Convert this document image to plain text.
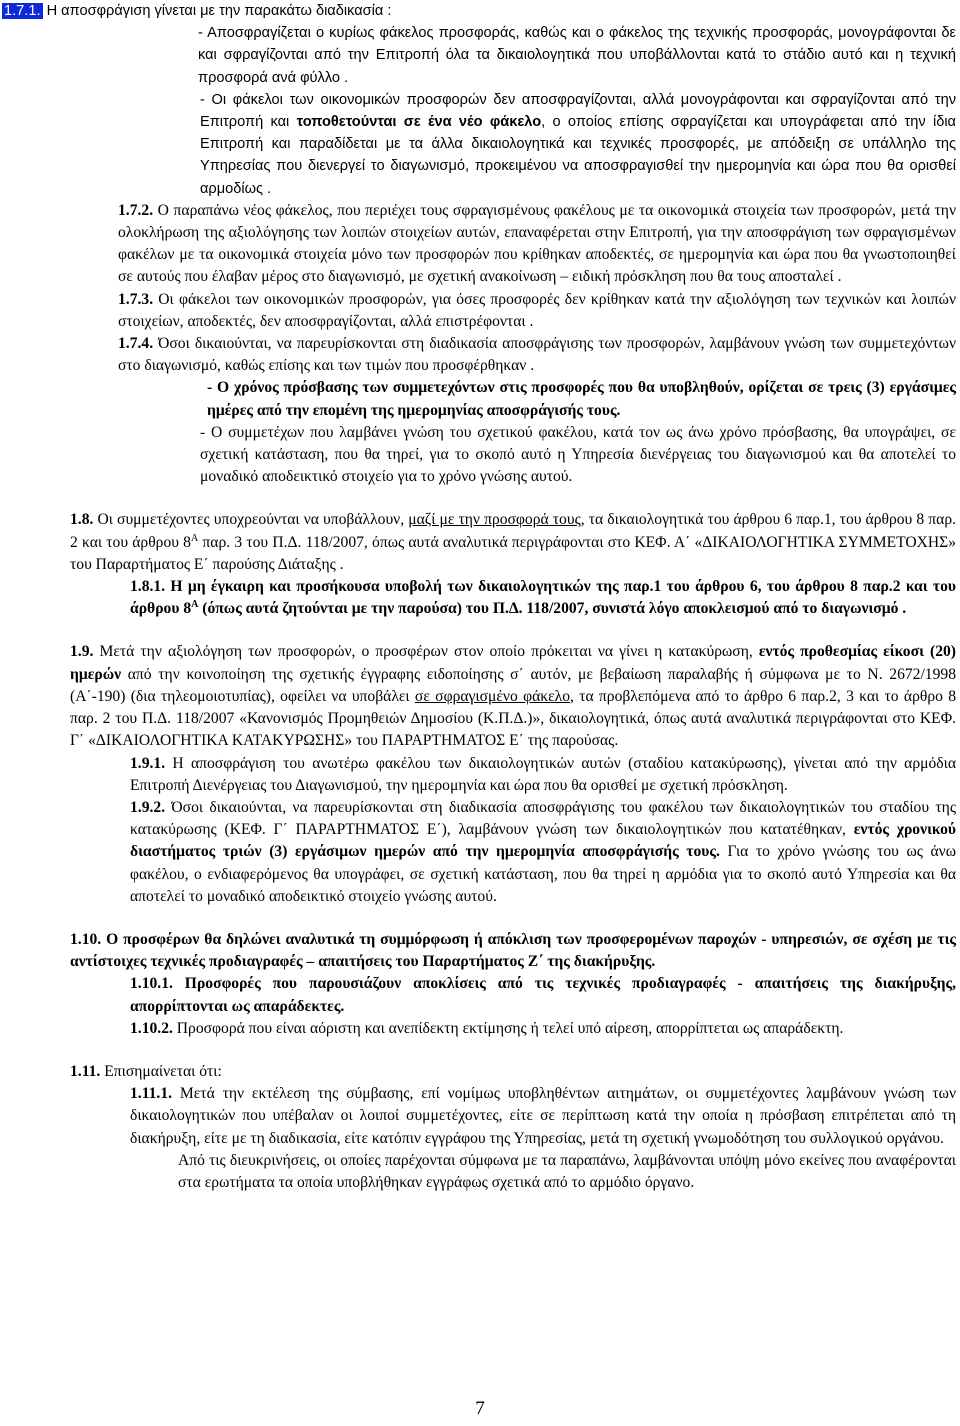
1.7.1. Η αποσφράγιση γίνεται με την παρακάτω διαδικασία :
- Αποσφραγίζεται ο κυρίως φάκελος προσφοράς, καθώς και ο φάκελος της τεχνικής προσφοράς, μονογράφονται δε και σφραγίζονται από την Επιτροπή όλα τα δικαιολογητικά που υποβάλλονται κατά το στάδιο αυτό και η τεχνική προσφορά ανά φύλλο .
- Οι φάκελοι των οικονομικών προσφορών δεν αποσφραγίζονται, αλλά μονογράφονται και σφραγίζονται από την Επιτροπή και τοποθετούνται σε ένα νέο φάκελο, ο οποίος επίσης σφραγίζεται και υπογράφεται από την ίδια Επιτροπή και παραδίδεται με τα άλλα δικαιολογητικά και τεχνικές προσφορές, με απόδειξη σε υπάλληλο της Υπηρεσίας που διενεργεί το διαγωνισμό, προκειμένου να αποσφραγισθεί την ημερομηνία και ώρα που θα ορισθεί αρμοδίως .
1.7.2. Ο παραπάνω νέος φάκελος, που περιέχει τους σφραγισμένους φακέλους με τα οικονομικά στοιχεία των προσφορών, μετά την ολοκλήρωση της αξιολόγησης των λοιπών στοιχείων αυτών, επαναφέρεται στην Επιτροπή, για την αποσφράγιση των σφραγισμένων φακέλων με τα οικονομικά στοιχεία μόνο των προσφορών που κρίθηκαν αποδεκτές, σε ημερομηνία και ώρα που θα γνωστοποιηθεί σε αυτούς που έλαβαν μέρος στο διαγωνισμό, με σχετική ανακοίνωση – ειδική πρόσκληση που θα τους αποσταλεί .
1.7.3. Οι φάκελοι των οικονομικών προσφορών, για όσες προσφορές δεν κρίθηκαν κατά την αξιολόγηση των τεχνικών και λοιπών στοιχείων, αποδεκτές, δεν αποσφραγίζονται, αλλά επιστρέφονται .
1.7.4. Όσοι δικαιούνται, να παρευρίσκονται στη διαδικασία αποσφράγισης των προσφορών, λαμβάνουν γνώση των συμμετεχόντων στο διαγωνισμό, καθώς επίσης και των τιμών που προσφέρθηκαν .
- Ο χρόνος πρόσβασης των συμμετεχόντων στις προσφορές που θα υποβληθούν, ορίζεται σε τρεις (3) εργάσιμες ημέρες από την επομένη της ημερομηνίας αποσφράγισής τους.
- Ο συμμετέχων που λαμβάνει γνώση του σχετικού φακέλου, κατά τον ως άνω χρόνο πρόσβασης, θα υπογράψει, σε σχετική κατάσταση, που θα τηρεί, για το σκοπό αυτό η Υπηρεσία διενέργειας του διαγωνισμού και θα αποτελεί το μοναδικό αποδεικτικό στοιχείο για το χρόνο γνώσης αυτού.
1.8. Οι συμμετέχοντες υποχρεούνται να υποβάλλουν, μαζί με την προσφορά τους, τα δικαιολογητικά του άρθρου 6 παρ.1, του άρθρου 8 παρ. 2 και του άρθρου $8^A$ παρ. 3 του Π.Δ. 118/2007, όπως αυτά αναλυτικά περιγράφονται στο ΚΕΦ. Α΄ «ΔΙΚΑΙΟΛΟΓΗΤΙΚΑ ΣΥΜΜΕΤΟΧΗΣ» του Παραρτήματος Ε΄ παρούσης Διάταξης .
1.8.1. Η μη έγκαιρη και προσήκουσα υποβολή των δικαιολογητικών της παρ.1 του άρθρου 6, του άρθρου 8 παρ.2 και του άρθρου $8^A$ (όπως αυτά ζητούνται με την παρούσα) του Π.Δ. 118/2007, συνιστά λόγο αποκλεισμού από το διαγωνισμό .
1.9. Μετά την αξιολόγηση των προσφορών, ο προσφέρων στον οποίο πρόκειται να γίνει η κατακύρωση, εντός προθεσμίας είκοσι (20) ημερών από την κοινοποίηση της σχετικής έγγραφης ειδοποίησης σ΄ αυτόν, με βεβαίωση παραλαβής ή σύμφωνα με το Ν. 2672/1998 (Α΄-190) (δια τηλεομοιοτυπίας), οφείλει να υποβάλει σε σφραγισμένο φάκελο, τα προβλεπόμενα από το άρθρο 6 παρ.2, 3 και το άρθρο 8 παρ. 2 του Π.Δ. 118/2007 «Κανονισμός Προμηθειών Δημοσίου (Κ.Π.Δ.)», δικαιολογητικά, όπως αυτά αναλυτικά περιγράφονται στο ΚΕΦ. Γ΄ «ΔΙΚΑΙΟΛΟΓΗΤΙΚΑ ΚΑΤΑΚΥΡΩΣΗΣ» του ΠΑΡΑΡΤΗΜΑΤΟΣ Ε΄ της παρούσας.
1.9.1. Η αποσφράγιση του ανωτέρω φακέλου των δικαιολογητικών αυτών (σταδίου κατακύρωσης), γίνεται από την αρμόδια Επιτροπή Διενέργειας του Διαγωνισμού, την ημερομηνία και ώρα που θα ορισθεί με σχετική πρόσκληση.
1.9.2. Όσοι δικαιούνται, να παρευρίσκονται στη διαδικασία αποσφράγισης του φακέλου των δικαιολογητικών του σταδίου της κατακύρωσης (ΚΕΦ. Γ΄ ΠΑΡΑΡΤΗΜΑΤΟΣ Ε΄), λαμβάνουν γνώση των δικαιολογητικών που κατατέθηκαν, εντός χρονικού διαστήματος τριών (3) εργάσιμων ημερών από την ημερομηνία αποσφράγισής τους. Για το χρόνο γνώσης του ως άνω φακέλου, ο ενδιαφερόμενος θα υπογράφει, σε σχετική κατάσταση, που θα τηρεί η αρμόδια για το σκοπό αυτό Υπηρεσία και θα αποτελεί το μοναδικό αποδεικτικό στοιχείο γνώσης αυτού.
1.10. Ο προσφέρων θα δηλώνει αναλυτικά τη συμμόρφωση ή απόκλιση των προσφερομένων παροχών - υπηρεσιών, σε σχέση με τις αντίστοιχες τεχνικές προδιαγραφές – απαιτήσεις του Παραρτήματος Ζ΄ της διακήρυξης.
1.10.1. Προσφορές που παρουσιάζουν αποκλίσεις από τις τεχνικές προδιαγραφές - απαιτήσεις της διακήρυξης, απορρίπτονται ως απαράδεκτες.
1.10.2. Προσφορά που είναι αόριστη και ανεπίδεκτη εκτίμησης ή τελεί υπό αίρεση, απορρίπτεται ως απαράδεκτη.
1.11. Επισημαίνεται ότι:
1.11.1. Μετά την εκτέλεση της σύμβασης, επί νομίμως υποβληθέντων αιτημάτων, οι συμμετέχοντες λαμβάνουν γνώση των δικαιολογητικών που υπέβαλαν οι λοιποί συμμετέχοντες, είτε σε περίπτωση κατά την οποία η πρόσβαση επιτρέπεται από τη διακήρυξη, είτε με τη διαδικασία, είτε κατόπιν εγγράφου της Υπηρεσίας, μετά τη σχετική γνωμοδότηση του συλλογικού οργάνου.
Από τις διευκρινήσεις, οι οποίες παρέχονται σύμφωνα με τα παραπάνω, λαμβάνονται υπόψη μόνο εκείνες που αναφέρονται στα ερωτήματα τα οποία υποβλήθηκαν εγγράφως σχετικά από το αρμόδιο όργανο.
7
